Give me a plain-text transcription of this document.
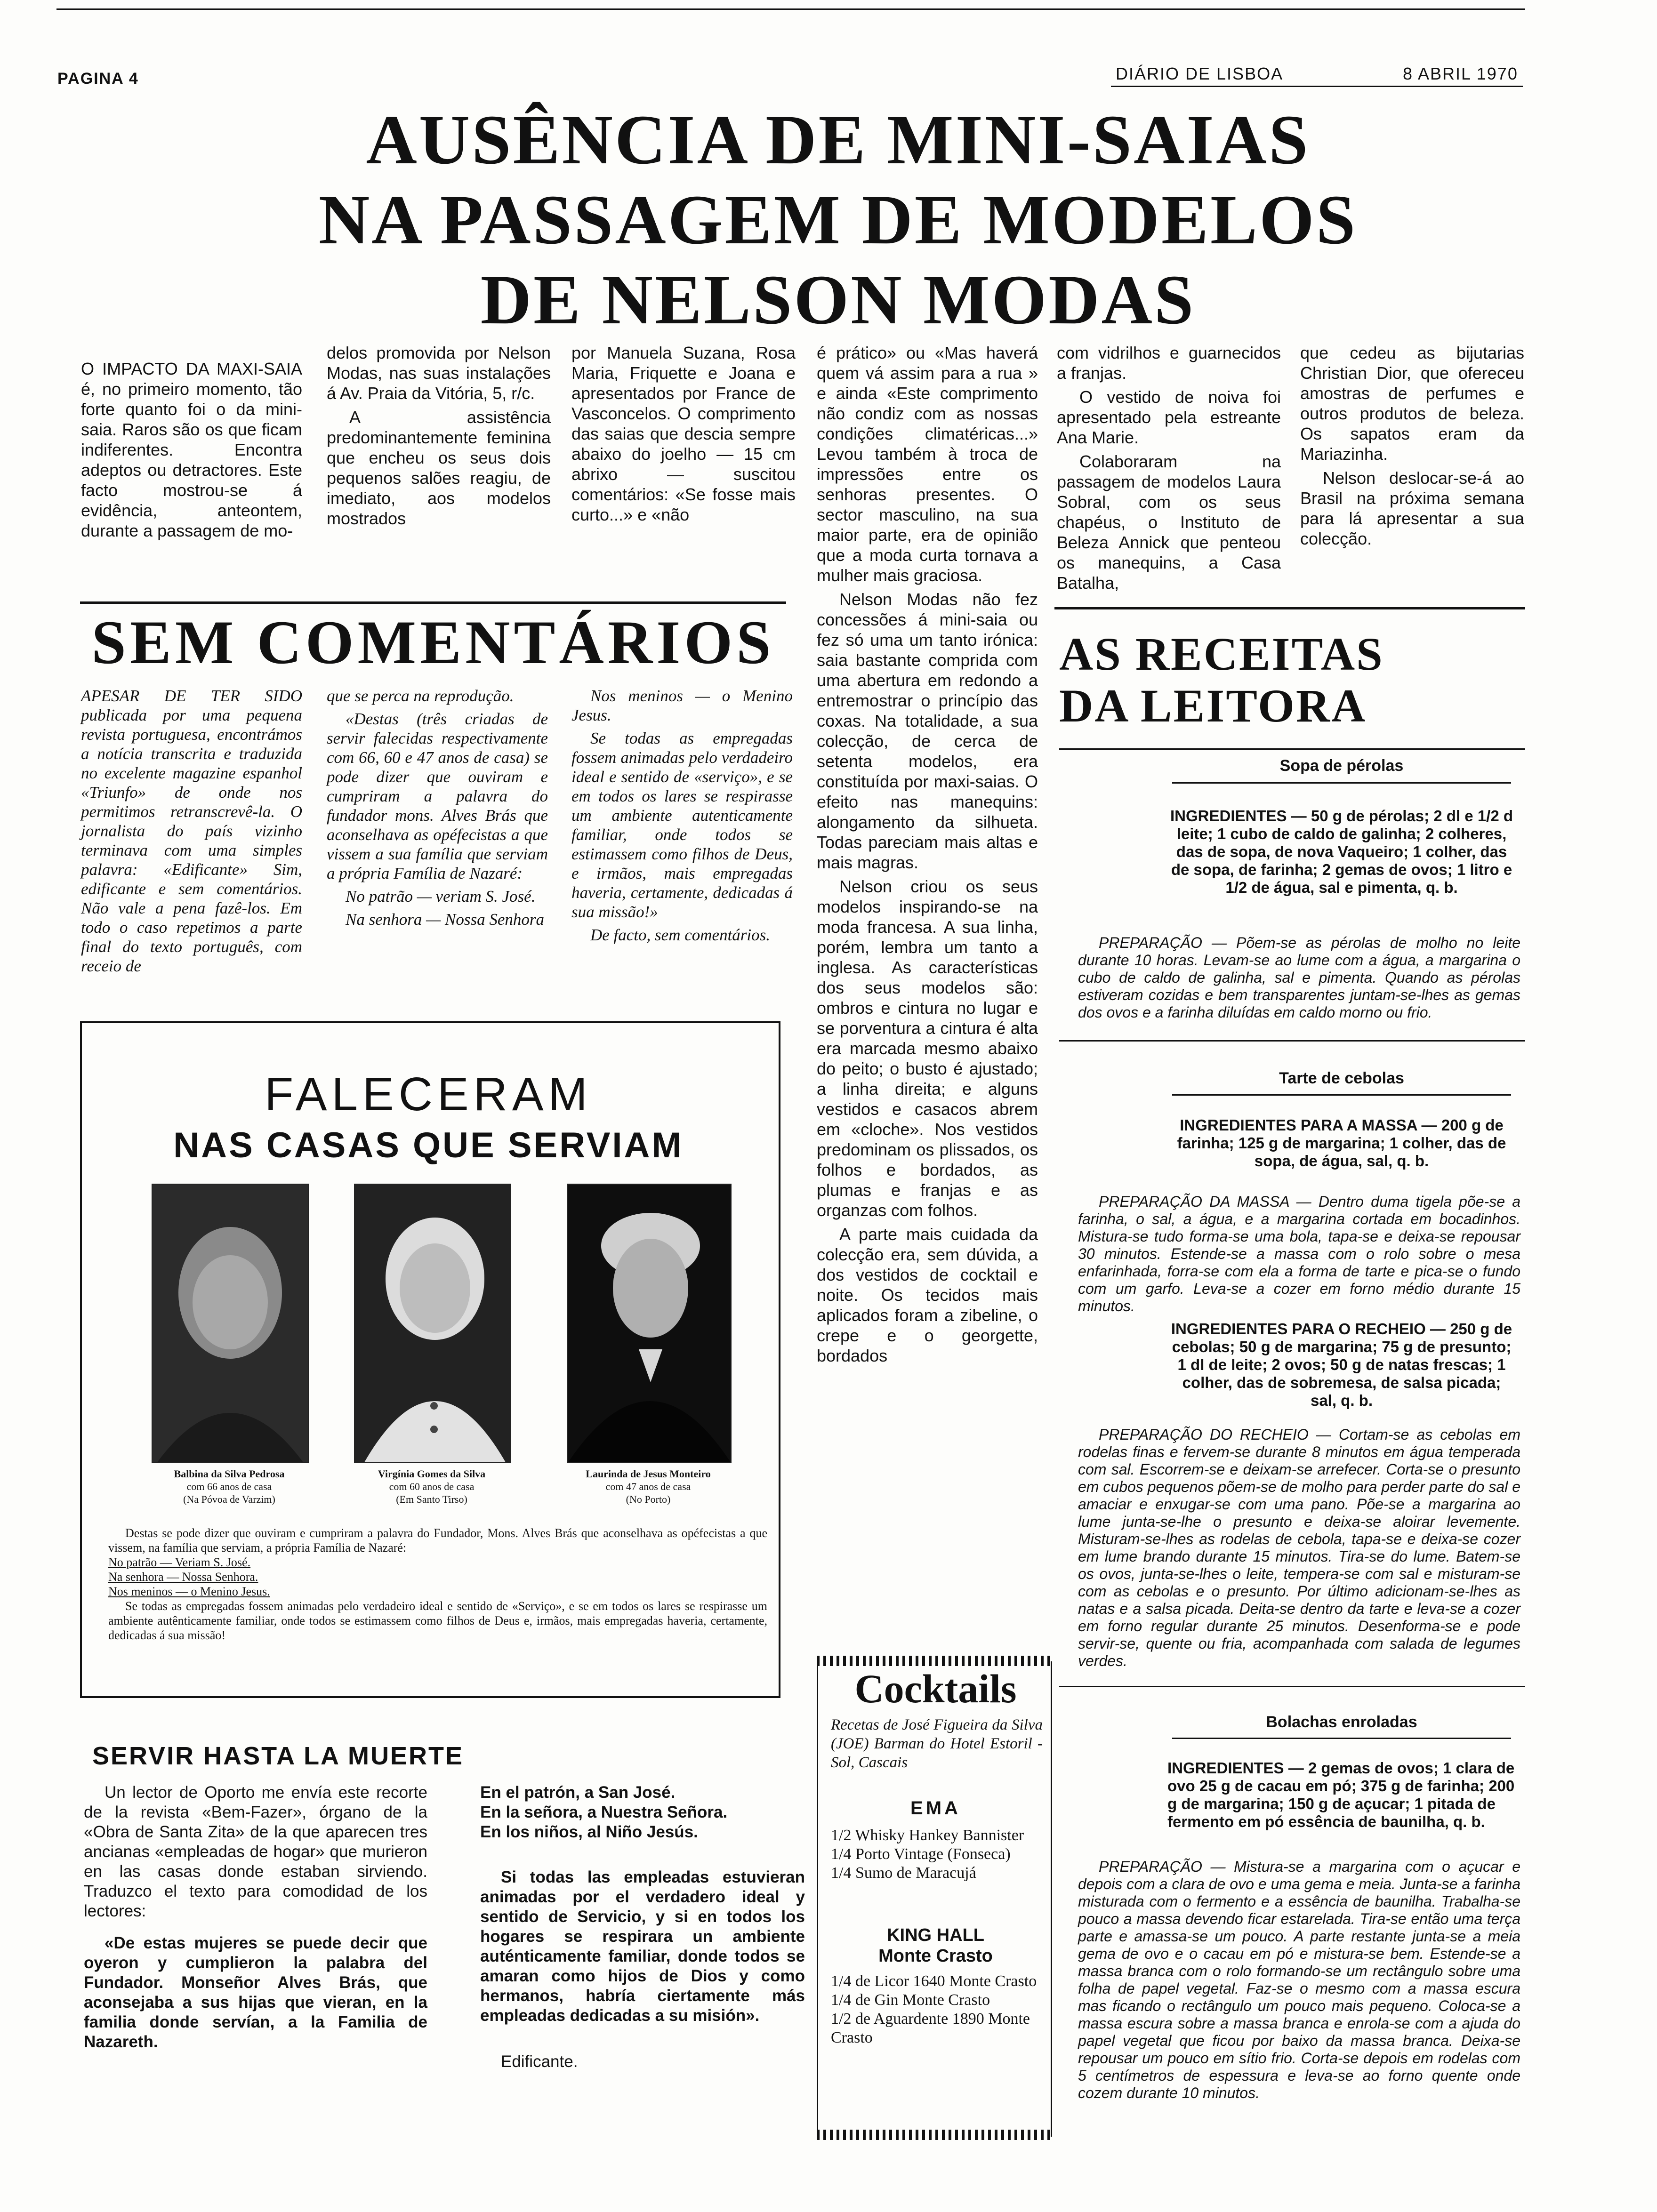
PAGINA 4	DIÁRIO DE LISBOA	8 ABRIL 1970
AUSÊNCIA DE MINI-SAIAS
NA PASSAGEM DE MODELOS
DE NELSON MODAS

O IMPACTO DA MAXI-SAIA é, no primeiro momento, tão forte quanto foi o da mini-saia. Raros são os que ficam indiferentes. Encontra adeptos ou detractores. Este facto mostrou-se á evidência, anteontem, durante a passagem de mo-

delos promovida por Nelson Modas, nas suas instalações á Av. Praia da Vitória, 5, r/c.

A assistência predominantemente feminina que encheu os seus dois pequenos salões reagiu, de imediato, aos modelos mostrados

por Manuela Suzana, Rosa Maria, Friquette e Joana e apresentados por France de Vasconcelos. O comprimento das saias que descia sempre abaixo do joelho — 15 cm abrixo — suscitou comentários: «Se fosse mais curto...» e «não

é prático» ou «Mas haverá quem vá assim para a rua » e ainda «Este comprimento não condiz com as nossas condições climatéricas...» Levou também à troca de impressões entre os senhoras presentes. O sector masculino, na sua maior parte, era de opinião que a moda curta tornava a mulher mais graciosa.

Nelson Modas não fez concessões á mini-saia ou fez só uma um tanto irónica: saia bastante comprida com uma abertura em redondo a entremostrar o princípio das coxas. Na totalidade, a sua colecção, de cerca de setenta modelos, era constituída por maxi-saias. O efeito nas manequins: alongamento da silhueta. Todas pareciam mais altas e mais magras.

Nelson criou os seus modelos inspirando-se na moda francesa. A sua linha, porém, lembra um tanto a inglesa. As características dos seus modelos são: ombros e cintura no lugar e se porventura a cintura é alta era marcada mesmo abaixo do peito; o busto é ajustado; a linha direita; e alguns vestidos e casacos abrem em «cloche». Nos vestidos predominam os plissados, os folhos e bordados, as plumas e franjas e as organzas com folhos.

A parte mais cuidada da colecção era, sem dúvida, a dos vestidos de cocktail e noite. Os tecidos mais aplicados foram a zibeline, o crepe e o georgette, bordados

com vidrilhos e guarnecidos a franjas.

O vestido de noiva foi apresentado pela estreante Ana Marie.

Colaboraram na passagem de modelos Laura Sobral, com os seus chapéus, o Instituto de Beleza Annick que penteou os manequins, a Casa Batalha,

que cedeu as bijutarias Christian Dior, que ofereceu amostras de perfumes e outros produtos de beleza. Os sapatos eram da Mariazinha.

Nelson deslocar-se-á ao Brasil na próxima semana para lá apresentar a sua colecção.

SEM COMENTÁRIOS

APESAR DE TER SIDO publicada por uma pequena revista portuguesa, encontrámos a notícia transcrita e traduzida no excelente magazine espanhol «Triunfo» de onde nos permitimos retranscrevê-la. O jornalista do país vizinho terminava com uma simples palavra: «Edificante» Sim, edificante e sem comentários. Não vale a pena fazê-los. Em todo o caso repetimos a parte final do texto português, com receio de

que se perca na reprodução.

«Destas (três criadas de servir falecidas respectivamente com 66, 60 e 47 anos de casa) se pode dizer que ouviram e cumpriram a palavra do fundador mons. Alves Brás que aconselhava as opéfecistas a que vissem a sua família que serviam a própria Família de Nazaré:

No patrão — veriam S. José.

Na senhora — Nossa Senhora

Nos meninos — o Menino Jesus.

Se todas as empregadas fossem animadas pelo verdadeiro ideal e sentido de «serviço», e se em todos os lares se respirasse um ambiente autenticamente familiar, onde todos se estimassem como filhos de Deus, e irmãos, mais empregadas haveria, certamente, dedicadas á sua missão!»

De facto, sem comentários.

FALECERAM
NAS CASAS QUE SERVIAM
Balbina da Silva Pedrosa
com 66 anos de casa
(Na Póvoa de Varzim)
Virgínia Gomes da Silva
com 60 anos de casa
(Em Santo Tirso)
Laurinda de Jesus Monteiro
com 47 anos de casa
(No Porto)
Destas se pode dizer que ouviram e cumpriram a palavra do Fundador, Mons. Alves Brás que aconselhava as opéfecistas a que vissem, na família que serviam, a própria Família de Nazaré:
No patrão — Veriam S. José.
Na senhora — Nossa Senhora.
Nos meninos — o Menino Jesus.
Se todas as empregadas fossem animadas pelo verdadeiro ideal e sentido de «Serviço», e se em todos os lares se respirasse um ambiente autênticamente familiar, onde todos se estimassem como filhos de Deus e, irmãos, mais empregadas haveria, certamente, dedicadas á sua missão!
SERVIR HASTA LA MUERTE

Un lector de Oporto me envía este recorte de la revista «Bem-Fazer», órgano de la «Obra de Santa Zita» de la que aparecen tres ancianas «empleadas de hogar» que murieron en las casas donde estaban sirviendo. Traduzco el texto para comodidad de los lectores:

«De estas mujeres se puede decir que oyeron y cumplieron la palabra del Fundador. Monseñor Alves Brás, que aconsejaba a sus hijas que vieran, en la familia donde servían, a la Familia de Nazareth.

En el patrón, a San José.
En la señora, a Nuestra Señora.
En los niños, al Niño Jesús.

Si todas las empleadas estuvieran animadas por el verdadero ideal y sentido de Servicio, y si en todos los hogares se respirara un ambiente auténticamente familiar, donde todos se amaran como hijos de Dios y como hermanos, habría ciertamente más empleadas dedicadas a su misión».

Edificante.

Cocktails
Recetas de José Figueira da Silva (JOE) Barman do Hotel Estoril - Sol, Cascais
EMA
1/2 Whisky Hankey Bannister
1/4 Porto Vintage (Fonseca)
1/4 Sumo de Maracujá
KING HALL
Monte Crasto
1/4 de Licor 1640 Monte Crasto
1/4 de Gin Monte Crasto
1/2 de Aguardente 1890 Monte Crasto
AS RECEITAS
DA LEITORA
Sopa de pérolas
INGREDIENTES — 50 g de pérolas; 2 dl e 1/2 d leite; 1 cubo de caldo de galinha; 2 colheres, das de sopa, de nova Vaqueiro; 1 colher, das de sopa, de farinha; 2 gemas de ovos; 1 litro e 1/2 de água, sal e pimenta, q. b.

PREPARAÇÃO — Põem-se as pérolas de molho no leite durante 10 horas. Levam-se ao lume com a água, a margarina o cubo de caldo de galinha, sal e pimenta. Quando as pérolas estiveram cozidas e bem transparentes juntam-se-lhes as gemas dos ovos e a farinha diluídas em caldo morno ou frio.

Tarte de cebolas
INGREDIENTES PARA A MASSA — 200 g de farinha; 125 g de margarina; 1 colher, das de sopa, de água, sal, q. b.

PREPARAÇÃO DA MASSA — Dentro duma tigela põe-se a farinha, o sal, a água, e a margarina cortada em bocadinhos. Mistura-se tudo forma-se uma bola, tapa-se e deixa-se repousar 30 minutos. Estende-se a massa com o rolo sobre o mesa enfarinhada, forra-se com ela a forma de tarte e pica-se o fundo com um garfo. Leva-se a cozer em forno médio durante 15 minutos.

INGREDIENTES PARA O RECHEIO — 250 g de cebolas; 50 g de margarina; 75 g de presunto; 1 dl de leite; 2 ovos; 50 g de natas frescas; 1 colher, das de sobremesa, de salsa picada; sal, q. b.

PREPARAÇÃO DO RECHEIO — Cortam-se as cebolas em rodelas finas e fervem-se durante 8 minutos em água temperada com sal. Escorrem-se e deixam-se arrefecer. Corta-se o presunto em cubos pequenos põem-se de molho para perder parte do sal e amaciar e enxugar-se com uma pano. Põe-se a margarina ao lume junta-se-lhe o presunto e deixa-se aloirar levemente. Misturam-se-lhes as rodelas de cebola, tapa-se e deixa-se cozer em lume brando durante 15 minutos. Tira-se do lume. Batem-se os ovos, junta-se-lhes o leite, tempera-se com sal e misturam-se com as cebolas e o presunto. Por último adicionam-se-lhes as natas e a salsa picada. Deita-se dentro da tarte e leva-se a cozer em forno regular durante 25 minutos. Desenforma-se e pode servir-se, quente ou fria, acompanhada com salada de legumes verdes.

Bolachas enroladas
INGREDIENTES — 2 gemas de ovos; 1 clara de ovo 25 g de cacau em pó; 375 g de farinha; 200 g de margarina; 150 g de açucar; 1 pitada de fermento em pó essência de baunilha, q. b.

PREPARAÇÃO — Mistura-se a margarina com o açucar e depois com a clara de ovo e uma gema e meia. Junta-se a farinha misturada com o fermento e a essência de baunilha. Trabalha-se pouco a massa devendo ficar estarelada. Tira-se então uma terça parte e amassa-se um pouco. A parte restante junta-se a meia gema de ovo e o cacau em pó e mistura-se bem. Estende-se a massa branca com o rolo formando-se um rectângulo sobre uma folha de papel vegetal. Faz-se o mesmo com a massa escura mas ficando o rectângulo um pouco mais pequeno. Coloca-se a massa escura sobre a massa branca e enrola-se com a ajuda do papel vegetal que ficou por baixo da massa branca. Deixa-se repousar um pouco em sítio frio. Corta-se depois em rodelas com 5 centímetros de espessura e leva-se ao forno quente onde cozem durante 10 minutos.
